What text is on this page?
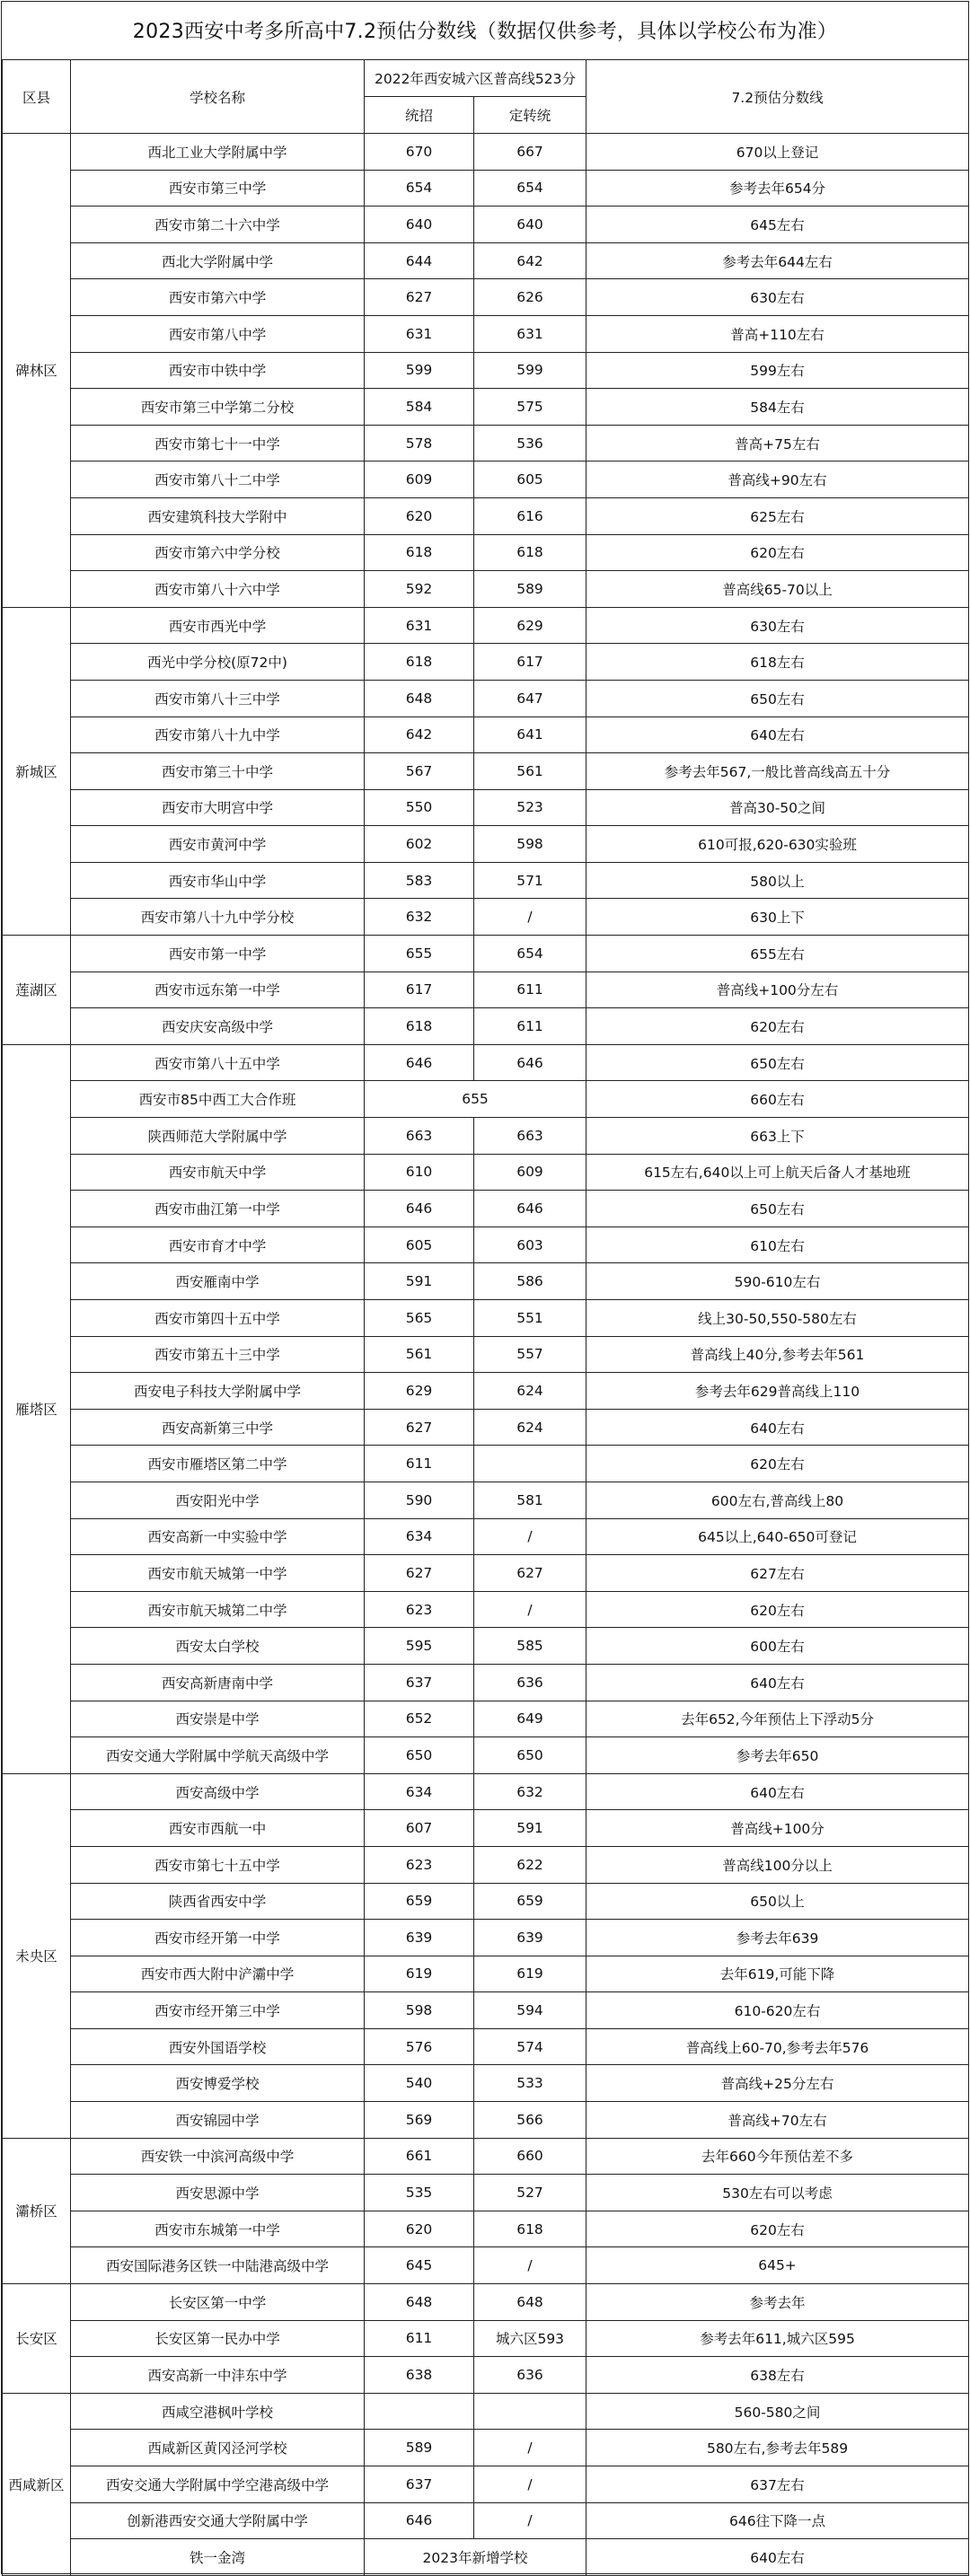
2023西安中考多所高中7.2预估分数线（数据仅供参考，具体以学校公布为准）
区县	学校名称	2022年西安城六区普高线523分		7.2预估分数线
		统招	定转统	
碑林区	西北工业大学附属中学	670	667	670以上登记
	西安市第三中学	654	654	参考去年654分
	西安市第二十六中学	640	640	645左右
	西北大学附属中学	644	642	参考去年644左右
	西安市第六中学	627	626	630左右
	西安市第八中学	631	631	普高+110左右
	西安市中铁中学	599	599	599左右
	西安市第三中学第二分校	584	575	584左右
	西安市第七十一中学	578	536	普高+75左右
	西安市第八十二中学	609	605	普高线+90左右
	西安建筑科技大学附中	620	616	625左右
	西安市第六中学分校	618	618	620左右
	西安市第八十六中学	592	589	普高线65-70以上
新城区	西安市西光中学	631	629	630左右
	西光中学分校(原72中)	618	617	618左右
	西安市第八十三中学	648	647	650左右
	西安市第八十九中学	642	641	640左右
	西安市第三十中学	567	561	参考去年567,一般比普高线高五十分
	西安市大明宫中学	550	523	普高30-50之间
	西安市黄河中学	602	598	610可报,620-630实验班
	西安市华山中学	583	571	580以上
	西安市第八十九中学分校	632	/	630上下
莲湖区	西安市第一中学	655	654	655左右
	西安市远东第一中学	617	611	普高线+100分左右
	西安庆安高级中学	618	611	620左右
雁塔区	西安市第八十五中学	646	646	650左右
	西安市85中西工大合作班	655		660左右
	陕西师范大学附属中学	663	663	663上下
	西安市航天中学	610	609	615左右,640以上可上航天后备人才基地班
	西安市曲江第一中学	646	646	650左右
	西安市育才中学	605	603	610左右
	西安雁南中学	591	586	590-610左右
	西安市第四十五中学	565	551	线上30-50,550-580左右
	西安市第五十三中学	561	557	普高线上40分,参考去年561
	西安电子科技大学附属中学	629	624	参考去年629普高线上110
	西安高新第三中学	627	624	640左右
	西安市雁塔区第二中学	611		620左右
	西安阳光中学	590	581	600左右,普高线上80
	西安高新一中实验中学	634	/	645以上,640-650可登记
	西安市航天城第一中学	627	627	627左右
	西安市航天城第二中学	623	/	620左右
	西安太白学校	595	585	600左右
	西安高新唐南中学	637	636	640左右
	西安崇是中学	652	649	去年652,今年预估上下浮动5分
	西安交通大学附属中学航天高级中学	650	650	参考去年650
未央区	西安高级中学	634	632	640左右
	西安市西航一中	607	591	普高线+100分
	西安市第七十五中学	623	622	普高线100分以上
	陕西省西安中学	659	659	650以上
	西安市经开第一中学	639	639	参考去年639
	西安市西大附中浐灞中学	619	619	去年619,可能下降
	西安市经开第三中学	598	594	610-620左右
	西安外国语学校	576	574	普高线上60-70,参考去年576
	西安博爱学校	540	533	普高线+25分左右
	西安锦园中学	569	566	普高线+70左右
灞桥区	西安铁一中滨河高级中学	661	660	去年660今年预估差不多
	西安思源中学	535	527	530左右可以考虑
	西安市东城第一中学	620	618	620左右
	西安国际港务区铁一中陆港高级中学	645	/	645+
长安区	长安区第一中学	648	648	参考去年
	长安区第一民办中学	611	城六区593	参考去年611,城六区595
	西安高新一中沣东中学	638	636	638左右
西咸新区	西咸空港枫叶学校			560-580之间
	西咸新区黄冈泾河学校	589	/	580左右,参考去年589
	西安交通大学附属中学空港高级中学	637	/	637左右
	创新港西安交通大学附属中学	646	/	646往下降一点
	铁一金湾	2023年新增学校		640左右
